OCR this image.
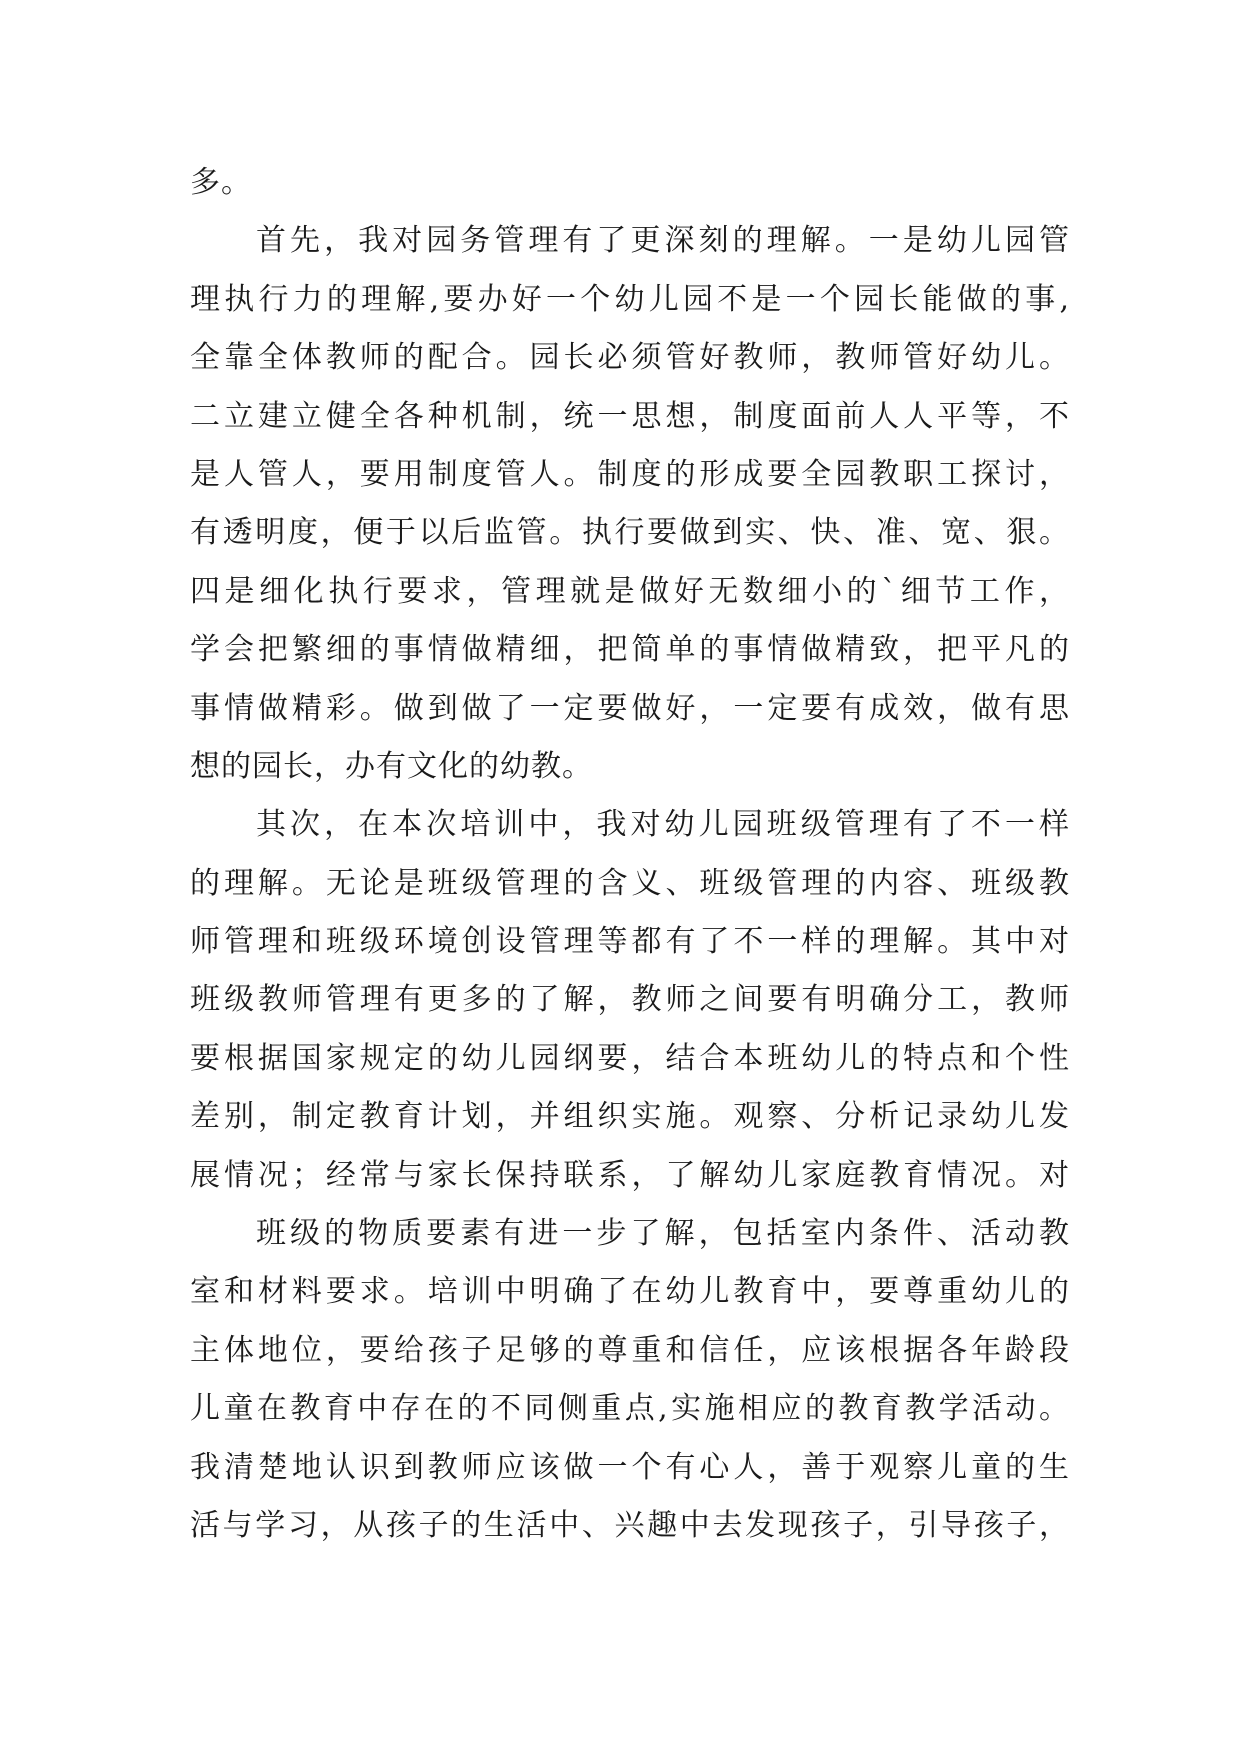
多。
首先，我对园务管理有了更深刻的理解。一是幼儿园管
理执行力的理解,要办好一个幼儿园不是一个园长能做的事,
全靠全体教师的配合。园长必须管好教师，教师管好幼儿。
二立建立健全各种机制，统一思想，制度面前人人平等，不
是人管人，要用制度管人。制度的形成要全园教职工探讨，
有透明度，便于以后监管。执行要做到实、快、准、宽、狠。
四是细化执行要求，管理就是做好无数细小的`细节工作，
学会把繁细的事情做精细，把简单的事情做精致，把平凡的
事情做精彩。做到做了一定要做好，一定要有成效，做有思
想的园长，办有文化的幼教。
其次，在本次培训中，我对幼儿园班级管理有了不一样
的理解。无论是班级管理的含义、班级管理的内容、班级教
师管理和班级环境创设管理等都有了不一样的理解。其中对
班级教师管理有更多的了解，教师之间要有明确分工，教师
要根据国家规定的幼儿园纲要，结合本班幼儿的特点和个性
差别，制定教育计划，并组织实施。观察、分析记录幼儿发
展情况；经常与家长保持联系，了解幼儿家庭教育情况。对
班级的物质要素有进一步了解，包括室内条件、活动教
室和材料要求。培训中明确了在幼儿教育中，要尊重幼儿的
主体地位，要给孩子足够的尊重和信任，应该根据各年龄段
儿童在教育中存在的不同侧重点,实施相应的教育教学活动。
我清楚地认识到教师应该做一个有心人，善于观察儿童的生
活与学习，从孩子的生活中、兴趣中去发现孩子，引导孩子，
